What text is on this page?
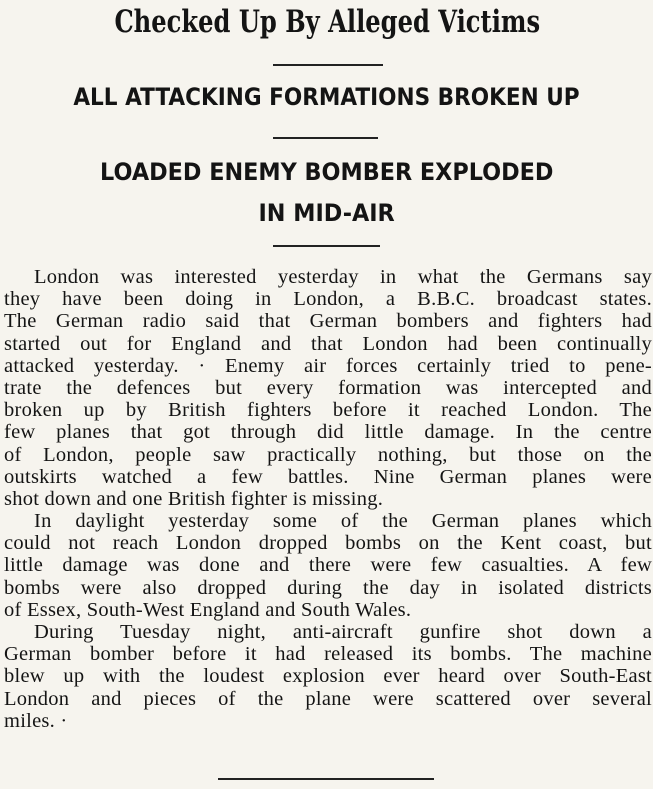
Checked Up By Alleged Victims
ALL ATTACKING FORMATIONS BROKEN UP
LOADED ENEMY BOMBER EXPLODED
IN MID-AIR

London was interested yesterday in what the Germans say
they have been doing in London, a B.B.C. broadcast states.
The German radio said that German bombers and fighters had
started out for England and that London had been continually
attacked yesterday. · Enemy air forces certainly tried to pene-
trate the defences but every formation was intercepted and
broken up by British fighters before it reached London. The
few planes that got through did little damage. In the centre
of London, people saw practically nothing, but those on the
outskirts watched a few battles. Nine German planes were
shot down and one British fighter is missing.

In daylight yesterday some of the German planes which
could not reach London dropped bombs on the Kent coast, but
little damage was done and there were few casualties. A few
bombs were also dropped during the day in isolated districts
of Essex, South-West England and South Wales.

During Tuesday night, anti-aircraft gunfire shot down a
German bomber before it had released its bombs. The machine
blew up with the loudest explosion ever heard over South-East
London and pieces of the plane were scattered over several
miles. ·
